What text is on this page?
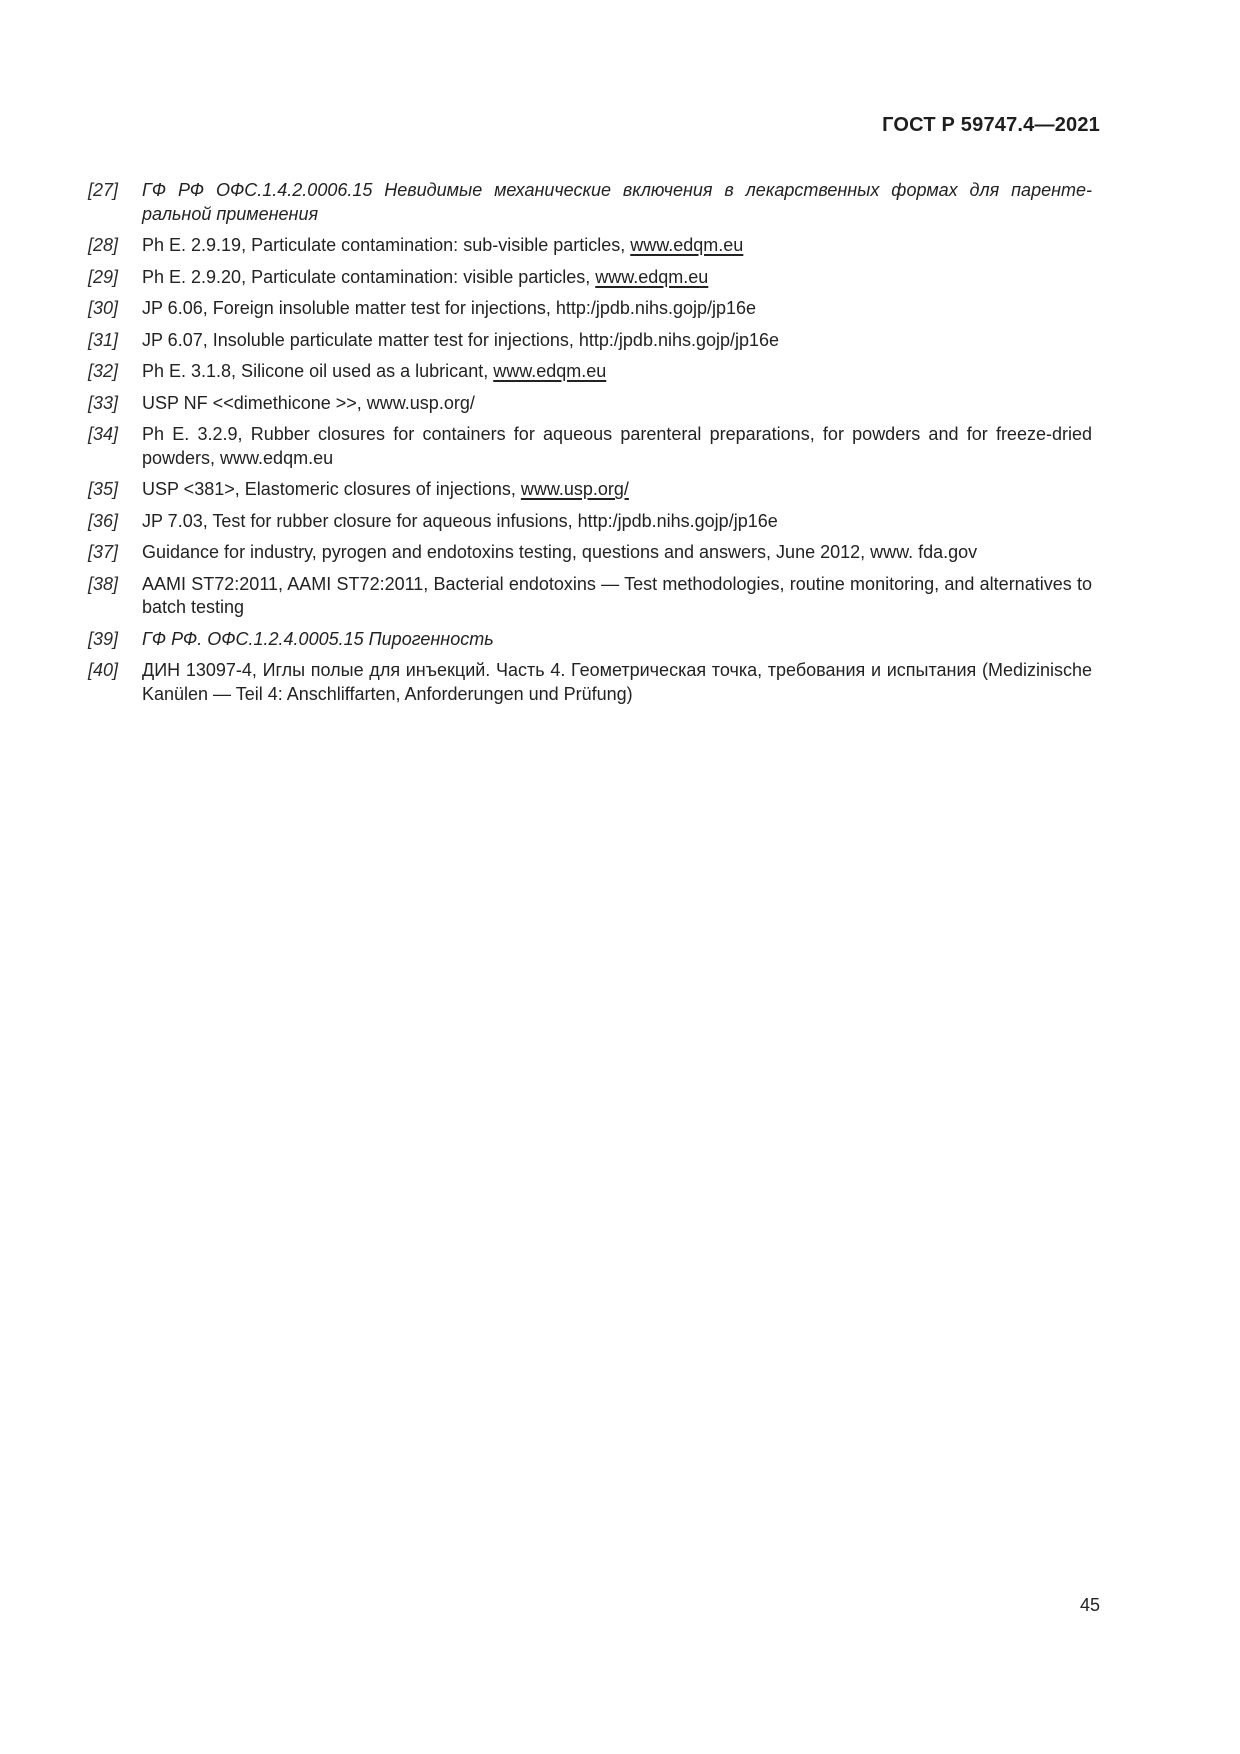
ГОСТ Р 59747.4—2021
[27]	ГФ РФ ОФС.1.4.2.0006.15 Невидимые механические включения в лекарственных формах для паренте-ральной применения
[28]	Ph E. 2.9.19, Particulate contamination: sub-visible particles, www.edqm.eu
[29]	Ph E. 2.9.20, Particulate contamination: visible particles, www.edqm.eu
[30]	JP 6.06, Foreign insoluble matter test for injections, http:/jpdb.nihs.gojp/jp16e
[31]	JP 6.07, Insoluble particulate matter test for injections, http:/jpdb.nihs.gojp/jp16e
[32]	Ph E. 3.1.8, Silicone oil used as a lubricant, www.edqm.eu
[33]	USP NF <<dimethicone >>, www.usp.org/
[34]	Ph E. 3.2.9, Rubber closures for containers for aqueous parenteral preparations, for powders and for freeze-dried powders, www.edqm.eu
[35]	USP <381>, Elastomeric closures of injections, www.usp.org/
[36]	JP 7.03, Test for rubber closure for aqueous infusions, http:/jpdb.nihs.gojp/jp16e
[37]	Guidance for industry, pyrogen and endotoxins testing, questions and answers, June 2012, www. fda.gov
[38]	AAMI ST72:2011, AAMI ST72:2011, Bacterial endotoxins — Test methodologies, routine monitoring, and alternatives to batch testing
[39]	ГФ РФ. ОФС.1.2.4.0005.15 Пирогенность
[40]	ДИН 13097-4, Иглы полые для инъекций. Часть 4. Геометрическая точка, требования и испытания (Medizinische Kanülen — Teil 4: Anschliffarten, Anforderungen und Prüfung)
45
